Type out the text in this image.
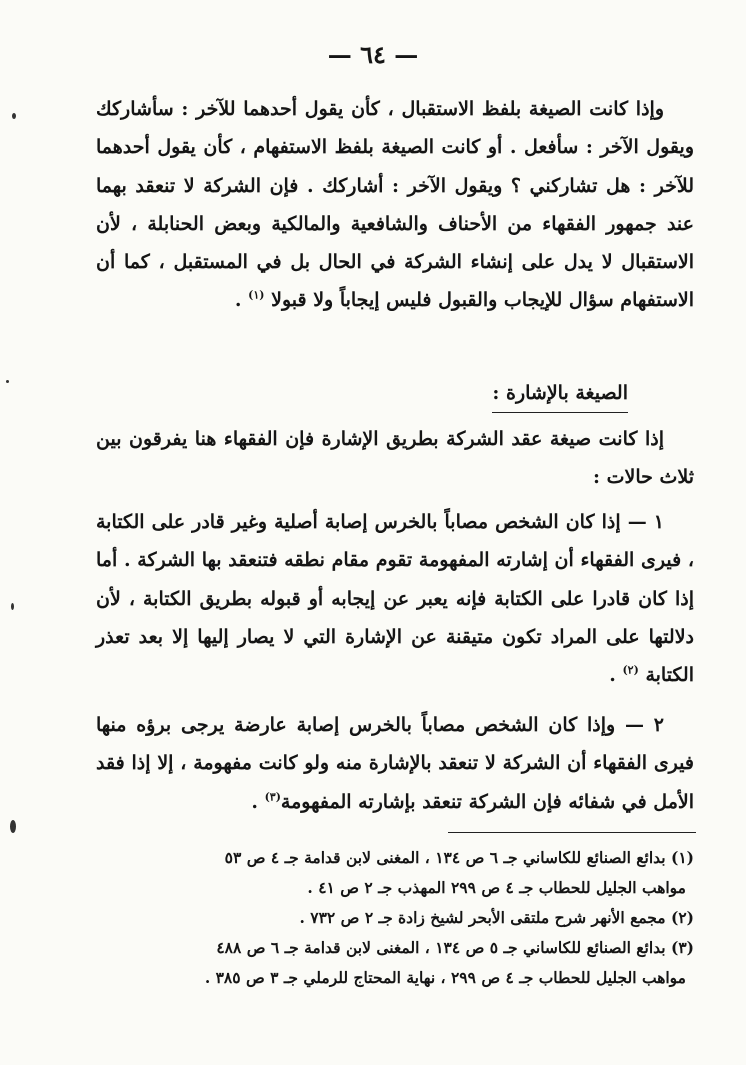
— ٦٤ —
وإذا كانت الصيغة بلفظ الاستقبال ، كأن يقول أحدهما للآخر : سأشاركك ويقول الآخر : سأفعل . أو كانت الصيغة بلفظ الاستفهام ، كأن يقول أحدهما للآخر : هل تشاركني ؟ ويقول الآخر : أشاركك . فإن الشركة لا تنعقد بهما عند جمهور الفقهاء من الأحناف والشافعية والمالكية وبعض الحنابلة ، لأن الاستقبال لا يدل على إنشاء الشركة في الحال بل في المستقبل ، كما أن الاستفهام سؤال للإيجاب والقبول فليس إيجاباً ولا قبولا $^{(١)}$ .
الصيغة بالإشارة :
إذا كانت صيغة عقد الشركة بطريق الإشارة فإن الفقهاء هنا يفرقون بين ثلاث حالات :
١ — إذا كان الشخص مصاباً بالخرس إصابة أصلية وغير قادر على الكتابة ، فيرى الفقهاء أن إشارته المفهومة تقوم مقام نطقه فتنعقد بها الشركة . أما إذا كان قادرا على الكتابة فإنه يعبر عن إيجابه أو قبوله بطريق الكتابة ، لأن دلالتها على المراد تكون متيقنة عن الإشارة التي لا يصار إليها إلا بعد تعذر الكتابة $^{(٢)}$ .
٢ — وإذا كان الشخص مصاباً بالخرس إصابة عارضة يرجى برؤه منها فيرى الفقهاء أن الشركة لا تنعقد بالإشارة منه ولو كانت مفهومة ، إلا إذا فقد الأمل في شفائه فإن الشركة تنعقد بإشارته المفهومة$^{(٣)}$ .
(١) بدائع الصنائع للكاساني جـ ٦ ص ١٣٤ ، المغنى لابن قدامة جـ ٤ ص ٥٣
مواهب الجليل للحطاب جـ ٤ ص ٢٩٩ المهذب جـ ٢ ص ٤١ .
(٢) مجمع الأنهر شرح ملتقى الأبحر لشيخ زادة جـ ٢ ص ٧٣٢ .
(٣) بدائع الصنائع للكاساني جـ ٥ ص ١٣٤ ، المغنى لابن قدامة جـ ٦ ص ٤٨٨
مواهب الجليل للحطاب جـ ٤ ص ٢٩٩ ، نهاية المحتاج للرملي جـ ٣ ص ٣٨٥ .
